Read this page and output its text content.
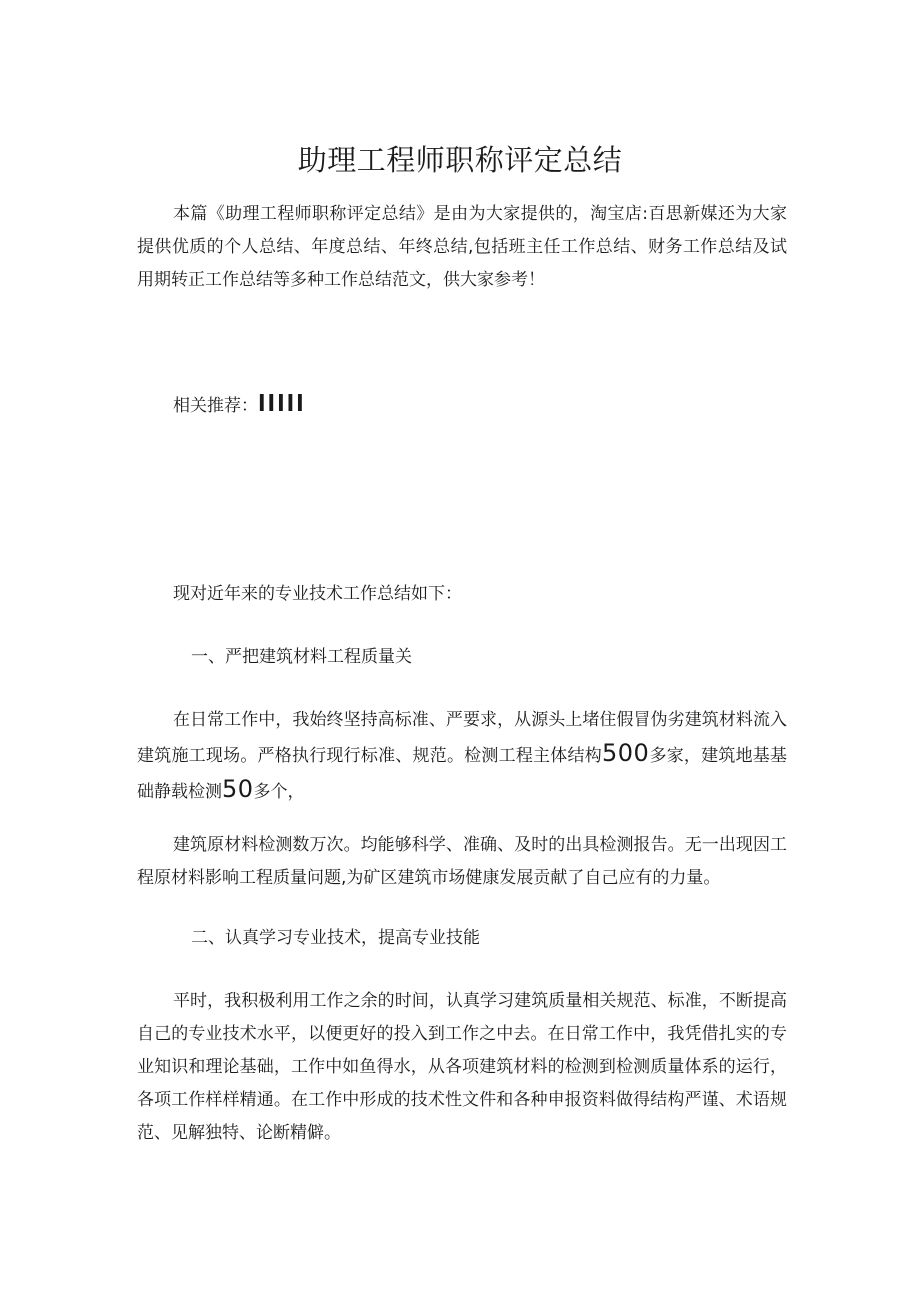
助理工程师职称评定总结

本篇《助理工程师职称评定总结》是由为大家提供的，淘宝店:百思新媒还为大家提供优质的个人总结、年度总结、年终总结,包括班主任工作总结、财务工作总结及试用期转正工作总结等多种工作总结范文，供大家参考！

相关推荐：lllll

现对近年来的专业技术工作总结如下：

一、严把建筑材料工程质量关

在日常工作中，我始终坚持高标准、严要求，从源头上堵住假冒伪劣建筑材料流入建筑施工现场。严格执行现行标准、规范。检测工程主体结构500多家，建筑地基基础静载检测50多个，

建筑原材料检测数万次。均能够科学、准确、及时的出具检测报告。无一出现因工程原材料影响工程质量问题,为矿区建筑市场健康发展贡献了自己应有的力量。

二、认真学习专业技术，提高专业技能

平时，我积极利用工作之余的时间，认真学习建筑质量相关规范、标准，不断提高自己的专业技术水平，以便更好的投入到工作之中去。在日常工作中，我凭借扎实的专业知识和理论基础，工作中如鱼得水，从各项建筑材料的检测到检测质量体系的运行，各项工作样样精通。在工作中形成的技术性文件和各种申报资料做得结构严谨、术语规范、见解独特、论断精僻。
